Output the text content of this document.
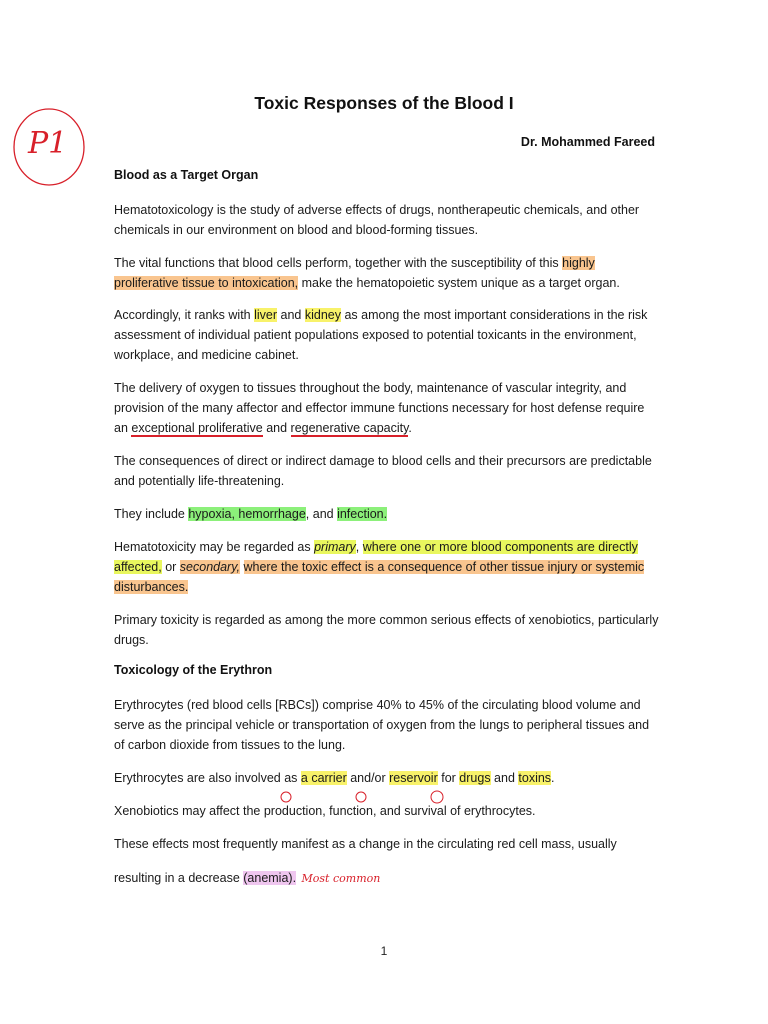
P1
Toxic Responses of the Blood I
Dr. Mohammed Fareed
Blood as a Target Organ
Hematotoxicology is the study of adverse effects of drugs, nontherapeutic chemicals, and other chemicals in our environment on blood and blood-forming tissues.
The vital functions that blood cells perform, together with the susceptibility of this highly proliferative tissue to intoxication, make the hematopoietic system unique as a target organ.
Accordingly, it ranks with liver and kidney as among the most important considerations in the risk assessment of individual patient populations exposed to potential toxicants in the environment, workplace, and medicine cabinet.
The delivery of oxygen to tissues throughout the body, maintenance of vascular integrity, and provision of the many affector and effector immune functions necessary for host defense require an exceptional proliferative and regenerative capacity.
The consequences of direct or indirect damage to blood cells and their precursors are predictable and potentially life-threatening.
They include hypoxia, hemorrhage, and infection.
Hematotoxicity may be regarded as primary, where one or more blood components are directly affected, or secondary, where the toxic effect is a consequence of other tissue injury or systemic disturbances.
Primary toxicity is regarded as among the more common serious effects of xenobiotics, particularly drugs.
Toxicology of the Erythron
Erythrocytes (red blood cells [RBCs]) comprise 40% to 45% of the circulating blood volume and serve as the principal vehicle or transportation of oxygen from the lungs to peripheral tissues and of carbon dioxide from tissues to the lung.
Erythrocytes are also involved as a carrier and/or reservoir for drugs and toxins.
Xenobiotics may affect the production, function, and survival of erythrocytes.
These effects most frequently manifest as a change in the circulating red cell mass, usually
resulting in a decrease (anemia). Most common
1
